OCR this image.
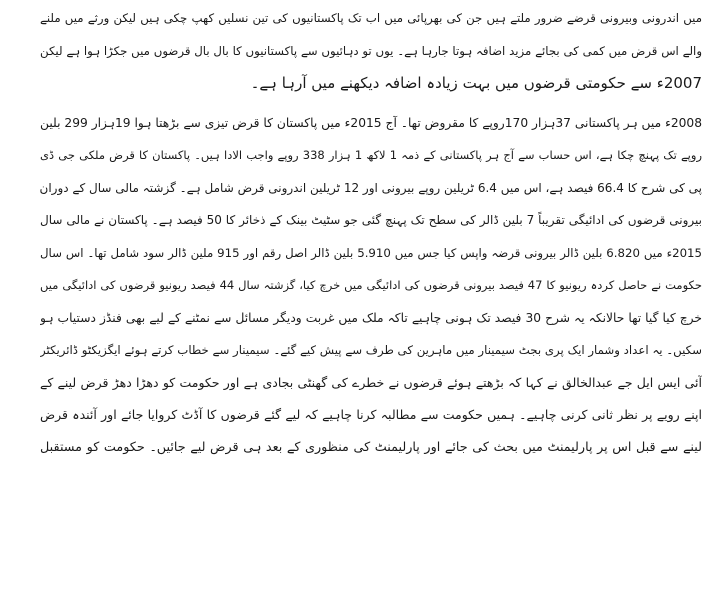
میں اندرونی وبیرونی قرضے ضرور ملتے ہیں جن کی بھرپائی میں اب تک پاکستانیوں کی تین نسلیں کھپ چکی ہیں لیکن ورثے میں ملنے
والے اس قرض میں کمی کی بجائے مزید اضافہ ہوتا جارہا ہے۔ یوں تو دہائیوں سے پاکستانیوں کا بال بال قرضوں میں جکڑا ہوا ہے لیکن
2007ء سے حکومتی قرضوں میں بہت زیادہ اضافہ دیکھنے میں آرہا ہے۔
2008ء میں ہر پاکستانی 37ہزار 170روپے کا مقروض تھا۔ آج 2015ء میں پاکستان کا قرض تیزی سے بڑھتا ہوا 19ہزار 299 بلین
روپے تک پہنچ چکا ہے، اس حساب سے آج ہر پاکستانی کے ذمہ 1 لاکھ 1 ہزار 338 روپے واجب الادا ہیں۔ پاکستان کا قرض ملکی جی ڈی
پی کی شرح کا 66.4 فیصد ہے، اس میں 6.4 ٹریلین روپے بیرونی اور 12 ٹریلین اندرونی قرض شامل ہے۔ گزشتہ مالی سال کے دوران
بیرونی قرضوں کی ادائیگی تقریباً 7 بلین ڈالر کی سطح تک پہنچ گئی جو سٹیٹ بینک کے ذخائر کا 50 فیصد ہے۔ پاکستان نے مالی سال
2015ء میں 6.820 بلین ڈالر بیرونی قرضہ واپس کیا جس میں 5.910 بلین ڈالر اصل رقم اور 915 ملین ڈالر سود شامل تھا۔ اس سال
حکومت نے حاصل کردہ ریونیو کا 47 فیصد بیرونی قرضوں کی ادائیگی میں خرچ کیا، گزشتہ سال 44 فیصد ریونیو قرضوں کی ادائیگی میں
خرچ کیا گیا تھا حالانکہ یہ شرح 30 فیصد تک ہونی چاہیے تاکہ ملک میں غربت ودیگر مسائل سے نمٹنے کے لیے بھی فنڈز دستیاب ہو
سکیں۔ یہ اعداد وشمار ایک پری بجٹ سیمینار میں ماہرین کی طرف سے پیش کیے گئے۔ سیمینار سے خطاب کرتے ہوئے ایگزیکٹو ڈائریکٹر
آئی ایس ایل جے عبدالخالق نے کہا کہ بڑھتے ہوئے قرضوں نے خطرے کی گھنٹی بجادی ہے اور حکومت کو دھڑا دھڑ قرض لینے کے
اپنے رویے پر نظر ثانی کرنی چاہیے۔ ہمیں حکومت سے مطالبہ کرنا چاہیے کہ لیے گئے قرضوں کا آڈٹ کروایا جائے اور آئندہ قرض
لینے سے قبل اس پر پارلیمنٹ میں بحث کی جائے اور پارلیمنٹ کی منظوری کے بعد ہی قرض لیے جائیں۔ حکومت کو مستقبل
